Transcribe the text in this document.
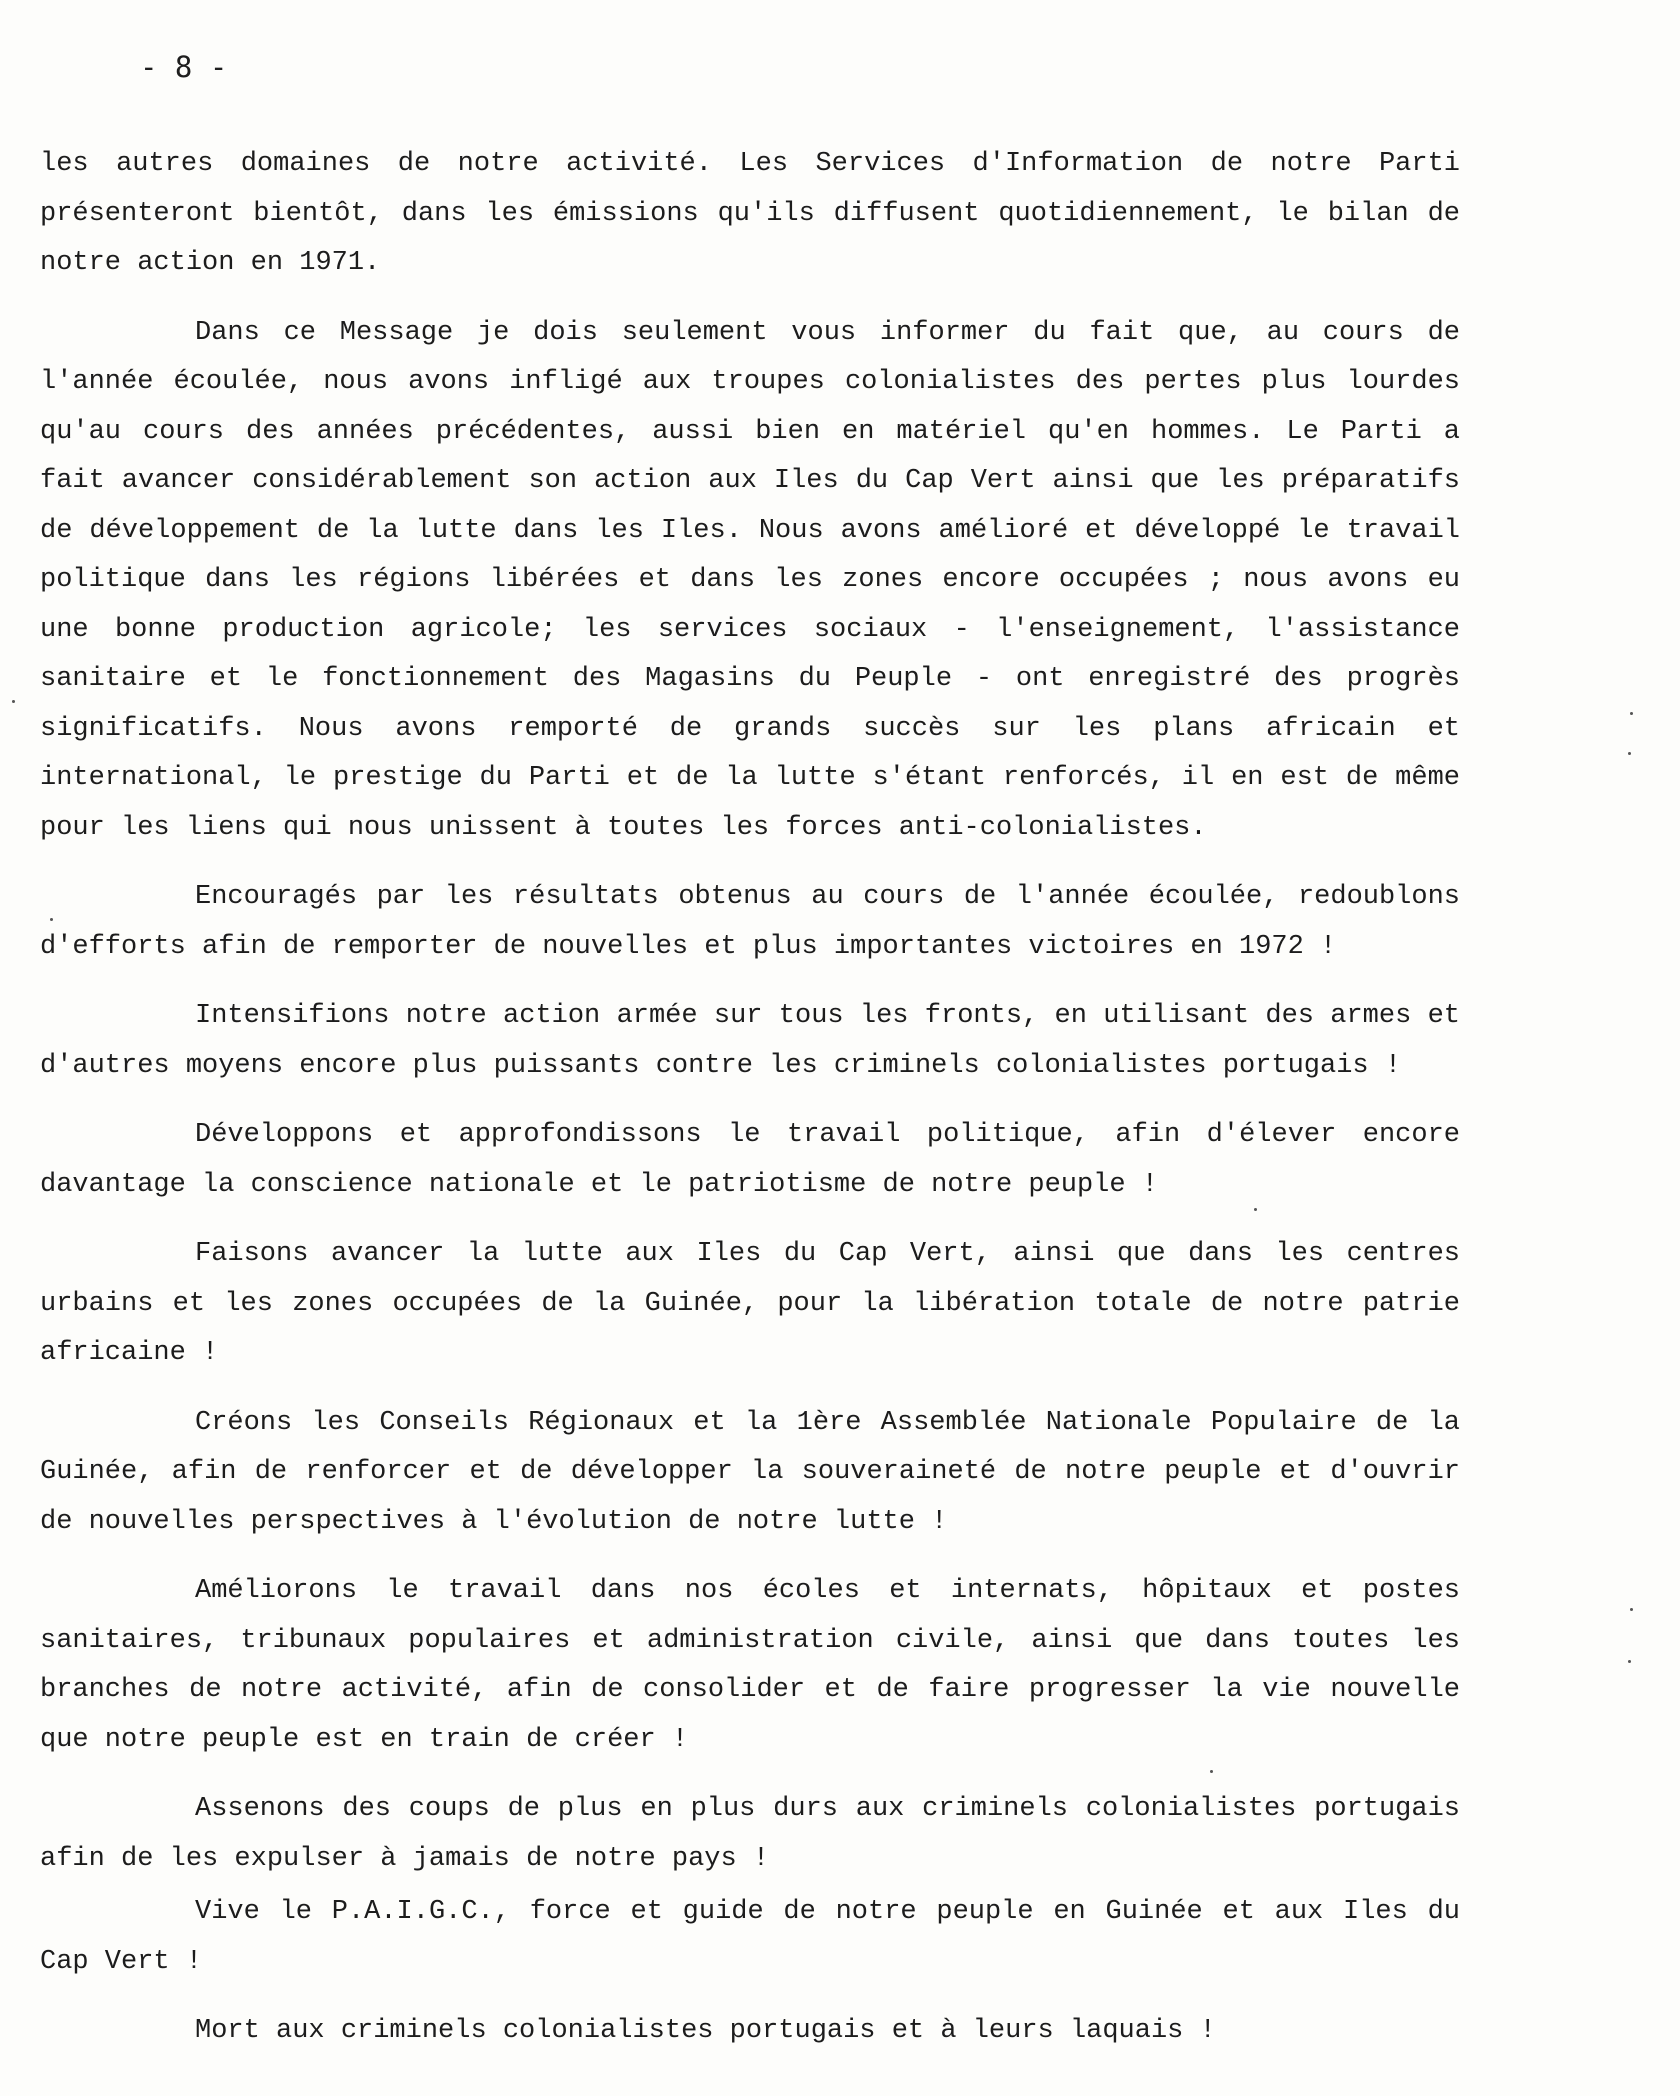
- 8 -

les autres domaines de notre activité. Les Services d'Information de notre Parti présenteront bientôt, dans les émissions qu'ils diffusent quotidiennement, le bilan de notre action en 1971.

Dans ce Message je dois seulement vous informer du fait que, au cours de l'année écoulée, nous avons infligé aux troupes colonialistes des pertes plus lourdes qu'au cours des années précédentes, aussi bien en matériel qu'en hommes. Le Parti a fait avancer considérablement son action aux Iles du Cap Vert ainsi que les préparatifs de développement de la lutte dans les Iles. Nous avons amélioré et développé le travail politique dans les régions libérées et dans les zones encore occupées ; nous avons eu une bonne production agricole; les services sociaux - l'enseignement, l'assistance sanitaire et le fonctionnement des Magasins du Peuple - ont enregistré des progrès significatifs. Nous avons remporté de grands succès sur les plans africain et international, le prestige du Parti et de la lutte s'étant renforcés, il en est de même pour les liens qui nous unissent à toutes les forces anti-colonialistes.

Encouragés par les résultats obtenus au cours de l'année écoulée, redoublons d'efforts afin de remporter de nouvelles et plus importantes victoires en 1972 !

Intensifions notre action armée sur tous les fronts, en utilisant des armes et d'autres moyens encore plus puissants contre les criminels colonialistes portugais !

Développons et approfondissons le travail politique, afin d'élever encore davantage la conscience nationale et le patriotisme de notre peuple !

Faisons avancer la lutte aux Iles du Cap Vert, ainsi que dans les centres urbains et les zones occupées de la Guinée, pour la libération totale de notre patrie africaine !

Créons les Conseils Régionaux et la 1ère Assemblée Nationale Populaire de la Guinée, afin de renforcer et de développer la souveraineté de notre peuple et d'ouvrir de nouvelles perspectives à l'évolution de notre lutte !

Améliorons le travail dans nos écoles et internats, hôpitaux et postes sanitaires, tribunaux populaires et administration civile, ainsi que dans toutes les branches de notre activité, afin de consolider et de faire progresser la vie nouvelle que notre peuple est en train de créer !

Assenons des coups de plus en plus durs aux criminels colonialistes portugais afin de les expulser à jamais de notre pays !

Vive le P.A.I.G.C., force et guide de notre peuple en Guinée et aux Iles du Cap Vert !

Mort aux criminels colonialistes portugais et à leurs laquais !
